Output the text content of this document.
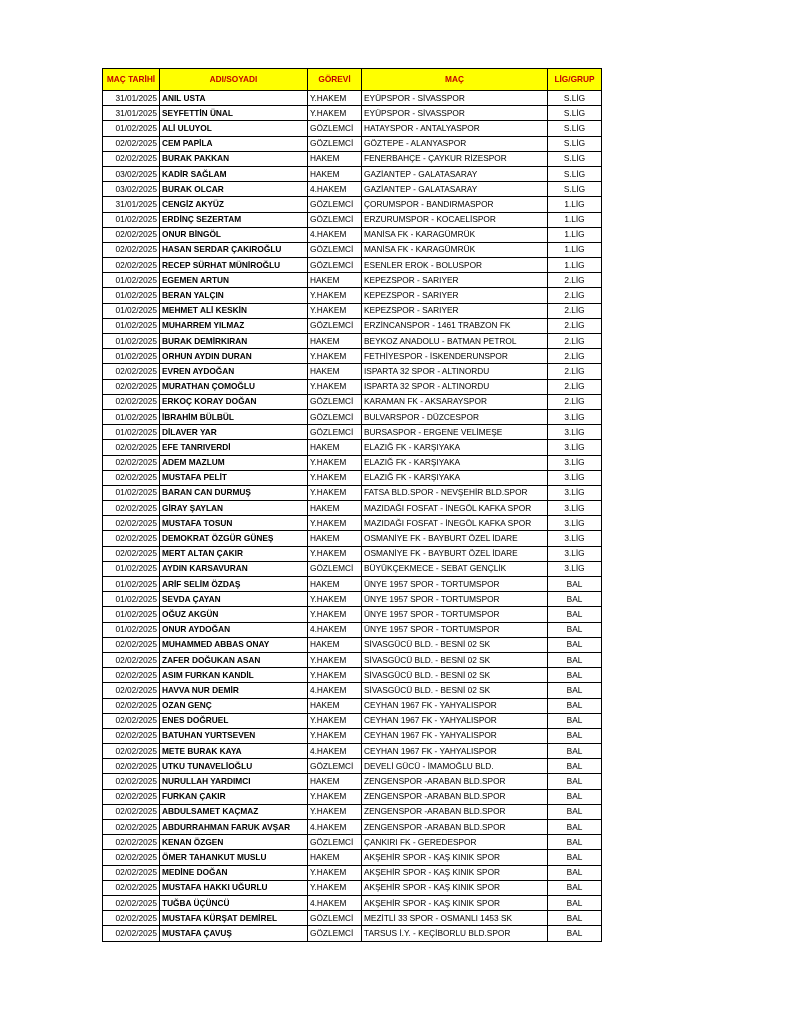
MAÇ TARİHİ	ADI/SOYADI	GÖREVİ	MAÇ	LİG/GRUP
31/01/2025	ANIL USTA	Y.HAKEM	EYÜPSPOR - SİVASSPOR	S.LİG
31/01/2025	SEYFETTİN ÜNAL	Y.HAKEM	EYÜPSPOR - SİVASSPOR	S.LİG
01/02/2025	ALİ ULUYOL	GÖZLEMCİ	HATAYSPOR - ANTALYASPOR	S.LİG
02/02/2025	CEM PAPİLA	GÖZLEMCİ	GÖZTEPE - ALANYASPOR	S.LİG
02/02/2025	BURAK PAKKAN	HAKEM	FENERBAHÇE - ÇAYKUR RİZESPOR	S.LİG
03/02/2025	KADİR SAĞLAM	HAKEM	GAZİANTEP - GALATASARAY	S.LİG
03/02/2025	BURAK OLCAR	4.HAKEM	GAZİANTEP - GALATASARAY	S.LİG
31/01/2025	CENGİZ AKYÜZ	GÖZLEMCİ	ÇORUMSPOR - BANDIRMASPOR	1.LİG
01/02/2025	ERDİNÇ SEZERTAM	GÖZLEMCİ	ERZURUMSPOR - KOCAELİSPOR	1.LİG
02/02/2025	ONUR BİNGÖL	4.HAKEM	MANİSA FK - KARAGÜMRÜK	1.LİG
02/02/2025	HASAN SERDAR ÇAKIROĞLU	GÖZLEMCİ	MANİSA FK - KARAGÜMRÜK	1.LİG
02/02/2025	RECEP SÜRHAT MÜNİROĞLU	GÖZLEMCİ	ESENLER EROK - BOLUSPOR	1.LİG
01/02/2025	EGEMEN ARTUN	HAKEM	KEPEZSPOR - SARIYER	2.LİG
01/02/2025	BERAN YALÇIN	Y.HAKEM	KEPEZSPOR - SARIYER	2.LİG
01/02/2025	MEHMET ALİ KESKİN	Y.HAKEM	KEPEZSPOR - SARIYER	2.LİG
01/02/2025	MUHARREM YILMAZ	GÖZLEMCİ	ERZİNCANSPOR - 1461 TRABZON FK	2.LİG
01/02/2025	BURAK DEMİRKIRAN	HAKEM	BEYKOZ ANADOLU - BATMAN PETROL	2.LİG
01/02/2025	ORHUN AYDIN DURAN	Y.HAKEM	FETHİYESPOR - İSKENDERUNSPOR	2.LİG
02/02/2025	EVREN AYDOĞAN	HAKEM	ISPARTA 32 SPOR - ALTINORDU	2.LİG
02/02/2025	MURATHAN ÇOMOĞLU	Y.HAKEM	ISPARTA 32 SPOR - ALTINORDU	2.LİG
02/02/2025	ERKOÇ KORAY DOĞAN	GÖZLEMCİ	KARAMAN FK - AKSARAYSPOR	2.LİG
01/02/2025	İBRAHİM BÜLBÜL	GÖZLEMCİ	BULVARSPOR - DÜZCESPOR	3.LİG
01/02/2025	DİLAVER YAR	GÖZLEMCİ	BURSASPOR - ERGENE VELİMEŞE	3.LİG
02/02/2025	EFE TANRIVERDİ	HAKEM	ELAZIĞ FK - KARŞIYAKA	3.LİG
02/02/2025	ADEM MAZLUM	Y.HAKEM	ELAZIĞ FK - KARŞIYAKA	3.LİG
02/02/2025	MUSTAFA PELİT	Y.HAKEM	ELAZIĞ FK - KARŞIYAKA	3.LİG
01/02/2025	BARAN CAN DURMUŞ	Y.HAKEM	FATSA BLD.SPOR - NEVŞEHİR BLD.SPOR	3.LİG
02/02/2025	GİRAY ŞAYLAN	HAKEM	MAZIDAĞI FOSFAT - İNEGÖL KAFKA SPOR	3.LİG
02/02/2025	MUSTAFA TOSUN	Y.HAKEM	MAZIDAĞI FOSFAT - İNEGÖL KAFKA SPOR	3.LİG
02/02/2025	DEMOKRAT ÖZGÜR GÜNEŞ	HAKEM	OSMANİYE FK - BAYBURT ÖZEL İDARE	3.LİG
02/02/2025	MERT ALTAN ÇAKIR	Y.HAKEM	OSMANİYE FK - BAYBURT ÖZEL İDARE	3.LİG
01/02/2025	AYDIN KARSAVURAN	GÖZLEMCİ	BÜYÜKÇEKMECE - SEBAT GENÇLİK	3.LİG
01/02/2025	ARİF SELİM ÖZDAŞ	HAKEM	ÜNYE 1957 SPOR - TORTUMSPOR	BAL
01/02/2025	SEVDA ÇAYAN	Y.HAKEM	ÜNYE 1957 SPOR - TORTUMSPOR	BAL
01/02/2025	OĞUZ AKGÜN	Y.HAKEM	ÜNYE 1957 SPOR - TORTUMSPOR	BAL
01/02/2025	ONUR AYDOĞAN	4.HAKEM	ÜNYE 1957 SPOR - TORTUMSPOR	BAL
02/02/2025	MUHAMMED ABBAS ONAY	HAKEM	SİVASGÜCÜ BLD. - BESNİ 02 SK	BAL
02/02/2025	ZAFER DOĞUKAN ASAN	Y.HAKEM	SİVASGÜCÜ BLD. - BESNİ 02 SK	BAL
02/02/2025	ASIM FURKAN KANDİL	Y.HAKEM	SİVASGÜCÜ BLD. - BESNİ 02 SK	BAL
02/02/2025	HAVVA NUR DEMİR	4.HAKEM	SİVASGÜCÜ BLD. - BESNİ 02 SK	BAL
02/02/2025	OZAN GENÇ	HAKEM	CEYHAN 1967 FK - YAHYALISPOR	BAL
02/02/2025	ENES DOĞRUEL	Y.HAKEM	CEYHAN 1967 FK - YAHYALISPOR	BAL
02/02/2025	BATUHAN YURTSEVEN	Y.HAKEM	CEYHAN 1967 FK - YAHYALISPOR	BAL
02/02/2025	METE BURAK KAYA	4.HAKEM	CEYHAN 1967 FK - YAHYALISPOR	BAL
02/02/2025	UTKU TUNAVELİOĞLU	GÖZLEMCİ	DEVELİ GÜCÜ - İMAMOĞLU BLD.	BAL
02/02/2025	NURULLAH YARDIMCI	HAKEM	ZENGENSPOR -ARABAN BLD.SPOR	BAL
02/02/2025	FURKAN ÇAKIR	Y.HAKEM	ZENGENSPOR -ARABAN BLD.SPOR	BAL
02/02/2025	ABDULSAMET KAÇMAZ	Y.HAKEM	ZENGENSPOR -ARABAN BLD.SPOR	BAL
02/02/2025	ABDURRAHMAN FARUK AVŞAR	4.HAKEM	ZENGENSPOR -ARABAN BLD.SPOR	BAL
02/02/2025	KENAN ÖZGEN	GÖZLEMCİ	ÇANKIRI FK - GEREDESPOR	BAL
02/02/2025	ÖMER TAHANKUT MUSLU	HAKEM	AKŞEHİR SPOR - KAŞ KINIK SPOR	BAL
02/02/2025	MEDİNE DOĞAN	Y.HAKEM	AKŞEHİR SPOR - KAŞ KINIK SPOR	BAL
02/02/2025	MUSTAFA HAKKI UĞURLU	Y.HAKEM	AKŞEHİR SPOR - KAŞ KINIK SPOR	BAL
02/02/2025	TUĞBA ÜÇÜNCÜ	4.HAKEM	AKŞEHİR SPOR - KAŞ KINIK SPOR	BAL
02/02/2025	MUSTAFA KÜRŞAT DEMİREL	GÖZLEMCİ	MEZİTLİ 33 SPOR - OSMANLI 1453 SK	BAL
02/02/2025	MUSTAFA ÇAVUŞ	GÖZLEMCİ	TARSUS İ.Y. - KEÇİBORLU BLD.SPOR	BAL
